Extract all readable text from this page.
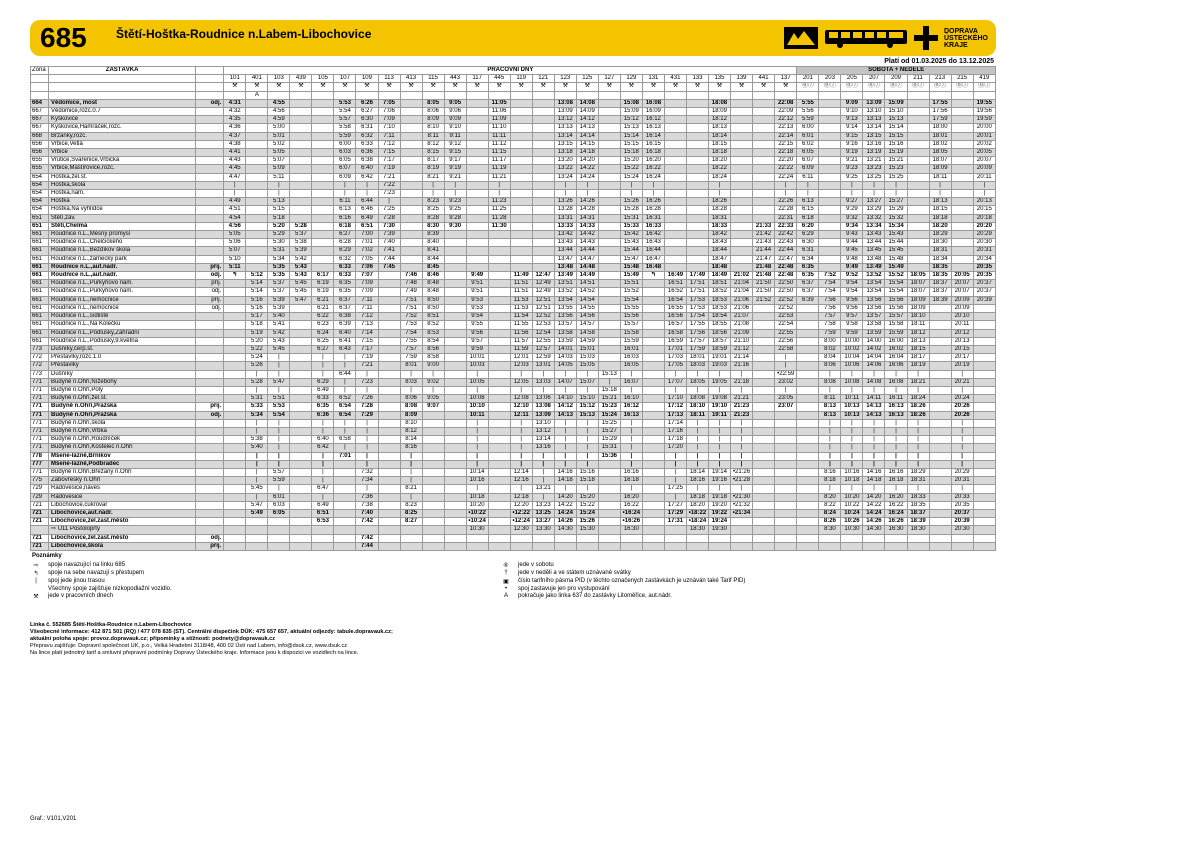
685 Štětí-Hoštka-Roudnice n.Labem-Libochovice	DOPRAVA ÚSTECKÉHO KRAJE
Platí od 01.03.2025 do 13.12.2025
Zóna	ZASTÁVKA		PRACOVNÍ DNY																										SOBOTA + NEDĚLE								
			101	401	103	439	105	107	109	113	413	115	443	117	445	119	121	123	125	127	129	131	431	133	135	139	441	137	201	203	205	207	209	211	213	215	419
			⚒	⚒	⚒	⚒	⚒	⚒	⚒	⚒	⚒	⚒	⚒	⚒	⚒	⚒	⚒	⚒	⚒	⚒	⚒	⚒	⚒	⚒	⚒	⚒	⚒	⚒	⓪⑦	⓪⑦	⓪⑦	⓪⑦	⓪⑦	⓪⑦	⓪⑦	⓪⑦	⓪⑦
				A																																	
664	Vědomice, most	odj.	4:31		4:55			5:53	6:26	7:05		8:05	9:05		11:05			13:08	14:08		15:08	16:08			18:08			22:08	5:55		9:09	13:09	15:09		17:55		19:55
667	Vědomice,rozc.0.7		4:32		4:56			5:54	6:27	7:06		8:06	9:06		11:06			13:09	14:09		15:09	16:09			18:09			22:09	5:56		9:10	13:10	15:10		17:56		19:56
667	Kyškovice		4:35		4:59			5:57	6:30	7:09		8:09	9:09		11:09			13:12	14:12		15:12	16:12			18:12			22:12	5:59		9:13	13:13	15:13		17:59		19:59
667	Kyškovice,Hamráček,rozc.		4:36		5:00			5:58	6:31	7:10		8:10	9:10		11:10			13:13	14:13		15:13	16:13			18:13			22:13	6:00		9:14	13:14	15:14		18:00		20:00
668	Brzánky,rozc.		4:37		5:01			5:59	6:32	7:11		8:11	9:11		11:11			13:14	14:14		15:14	16:14			18:14			22:14	6:01		9:15	13:15	15:15		18:01		20:01
656	Vrbice,Vetlá		4:38		5:02			6:00	6:33	7:12		8:12	9:12		11:12			13:15	14:15		15:15	16:15			18:15			22:15	6:02		9:16	13:16	15:16		18:02		20:02
656	Vrbice		4:41		5:05			6:03	6:36	7:15		8:15	9:15		11:15			13:18	14:18		15:18	16:18			18:18			22:18	6:05		9:19	13:19	15:19		18:05		20:05
655	Vrutice,Svařenice,Vrbická		4:43		5:07			6:05	6:38	7:17		8:17	9:17		11:17			13:20	14:20		15:20	16:20			18:20			22:20	6:07		9:21	13:21	15:21		18:07		20:07
655	Vrbice,Mastířovice,rozc.		4:45		5:09			6:07	6:40	7:19		8:19	9:19		11:19			13:22	14:22		15:22	16:22			18:22			22:22	6:09		9:23	13:23	15:23		18:09		20:09
654	Hoštka,žel.st.		4:47		5:11			6:09	6:42	7:21		8:21	9:21		11:21			13:24	14:24		15:24	16:24			18:24			22:24	6:11		9:25	13:25	15:25		18:11		20:11
654	Hoštka,škola		|		|			|	|	7:22		|	|		|			|	|		|	|			|			|	|		|	|	|		|		|
654	Hoštka,nám.		|		|			|	|	7:23		|	|		|			|	|		|	|			|			|	|		|	|	|		|		|
654	Hoštka		4:49		5:13			6:11	6:44	|		8:23	9:23		11:23			13:26	14:26		15:26	16:26			18:26			22:26	6:13		9:27	13:27	15:27		18:13		20:13
654	Hoštka,Na vyhlídce		4:51		5:15			6:13	6:46	7:25		8:25	9:25		11:25			13:28	14:28		15:28	16:28			18:28			22:28	6:15		9:29	13:29	15:29		18:15		20:15
651	Štětí,záv.		4:54		5:18			6:16	6:49	7:28		8:28	9:28		11:28			13:31	14:31		15:31	16:31			18:31			22:31	6:18		9:32	13:32	15:32		18:18		20:18
651	Štětí,Chelmá		4:56		5:20	5:28		6:18	6:51	7:30		8:30	9:30		11:30			13:33	14:33		15:33	16:33			18:33		21:33	22:33	6:20		9:34	13:34	15:34		18:20		20:20
661	Roudnice n.L.,Mesný průmysl		5:05		5:29	5:37		6:27	7:00	7:39		8:39						13:42	14:42		15:42	16:42			18:42		21:42	22:42	6:29		9:43	13:43	15:43		18:29		20:29
661	Roudnice n.L.,Chelčického		5:06		5:30	5:38		6:28	7:01	7:40		8:40						13:43	14:43		15:43	16:43			18:43		21:43	22:43	6:30		9:44	13:44	15:44		18:30		20:30
661	Roudnice n.L.,Bezdíkov škola		5:07		5:31	5:39		6:29	7:02	7:41		8:41						13:44	14:44		15:44	16:44			18:44		21:44	22:44	6:31		9:45	13:45	15:45		18:31		20:31
661	Roudnice n.L.,zámecký park		5:10		5:34	5:42		6:32	7:05	7:44		8:44						13:47	14:47		15:47	16:47			18:47		21:47	22:47	6:34		9:48	13:48	15:48		18:34		20:34
661	Roudnice n.L.,aut.nádr.	příj.	5:11		5:35	5:43		6:33	7:06	7:45		8:45						13:48	14:48		15:48	16:48			18:48		21:48	22:48	6:35		9:49	13:49	15:49		18:35		20:35
661	Roudnice n.L.,aut.nádr.	odj.	↰	5:12	5:35	5:43	6:17	6:33	7:07		7:46	8:46		9:49		11:49	12:47	13:49	14:49		15:49	↰	16:49	17:49	18:49	21:02	21:48	22:48	6:35	7:52	9:52	13:52	15:52	18:05	18:35	20:05	20:35
661	Roudnice n.L.,Purkyňovo nám.	příj.		5:14	5:37	5:45	6:19	6:35	7:09		7:48	8:48		9:51		11:51	12:49	13:51	14:51		15:51		16:51	17:51	18:51	21:04	21:50	22:50	6:37	7:54	9:54	13:54	15:54	18:07	18:37	20:07	20:37
661	Roudnice n.L.,Purkyňovo nám.	odj.		5:14	5:37	5:45	6:19	6:35	7:09		7:49	8:48		9:51		11:51	12:49	13:52	14:52		15:52		16:52	17:51	18:52	21:04	21:50	22:50	6:37	7:54	9:54	13:54	15:54	18:07	18:37	20:07	20:37
661	Roudnice n.L.,nemocnice	příj.		5:16	5:39	5:47	6:21	6:37	7:11		7:51	8:50		9:53		11:53	12:51	13:54	14:54		15:54		16:54	17:53	18:53	21:06	21:52	22:52	6:39	7:56	9:56	13:56	15:56	18:09	18:39	20:09	20:39
661	Roudnice n.L.,nemocnice	odj.		5:16	5:39		6:21	6:37	7:11		7:51	8:50		9:53		11:53	12:51	13:55	14:55		15:55		16:55	17:53	18:53	21:06		22:52		7:56	9:56	13:56	15:56	18:09		20:09	
661	Roudnice n.L.,sídliště			5:17	5:40		6:22	6:38	7:12		7:52	8:51		9:54		11:54	12:52	13:56	14:56		15:56		16:56	17:54	18:54	21:07		22:53		7:57	9:57	13:57	15:57	18:10		20:10	
661	Roudnice n.L.,Na Kolečku			5:18	5:41		6:23	6:39	7:13		7:53	8:52		9:55		11:55	12:53	13:57	14:57		15:57		16:57	17:55	18:55	21:08		22:54		7:58	9:58	13:58	15:58	18:11		20:11	
661	Roudnice n.L.,Podlusky,Zahradní			5:19	5:42		6:24	6:40	7:14		7:54	8:53		9:56		11:56	12:54	13:58	14:58		15:58		16:58	17:56	18:56	21:09		22:55		7:59	9:59	13:59	15:59	18:12		20:12	
661	Roudnice n.L.,Podlusky,9.května			5:20	5:43		6:25	6:41	7:15		7:55	8:54		9:57		11:57	12:55	13:59	14:59		15:59		16:59	17:57	18:57	21:10		22:56		8:00	10:00	14:00	16:00	18:13		20:13	
773	Dušníky,čerp.st.			5:22	5:45		6:27	6:43	7:17		7:57	8:56		9:59		11:59	12:57	14:01	15:01		16:01		17:01	17:59	18:59	21:12		22:58		8:02	10:02	14:02	16:02	18:15		20:15	
772	Přestavlky,rozc.1.0			5:24	|		|	|	7:19		7:59	8:58		10:01		12:01	12:59	14:03	15:03		16:03		17:03	18:01	19:01	21:14		|		8:04	10:04	14:04	16:04	18:17		20:17	
772	Přestavlky			5:26	|		|	|	7:21		8:01	9:00		10:03		12:03	13:01	14:05	15:05		16:05		17:05	18:03	19:03	21:16		|		8:06	10:06	14:06	16:06	18:19		20:19	
773	Dušníky			|	|		|	6:44	|		|	|		|		|	|	|	|	15:13	|		|	|	|	|		•22:59		|	|	|	|	|		|	
771	Budyně n.Ohří,Nížebohy			5:28	5:47		6:29	|	7:23		8:03	9:02		10:05		12:05	13:03	14:07	15:07	|	16:07		17:07	18:05	19:05	21:18		23:02		8:08	10:08	14:08	16:08	18:21		20:21	
771	Budyně n.Ohří,Poly			|	|		6:49	|	|		|	|		|		|	|	|	|	15:18	|		|	|	|	|		|		|	|	|	|	|		|	
771	Budyně n.Ohří,žel.st.			5:31	5:51		6:33	6:52	7:26		8:06	9:05		10:08		12:08	13:06	14:10	15:10	15:21	16:10		17:10	18:08	19:08	21:21		23:05		8:11	10:11	14:11	16:11	18:24		20:24	
771	Budyně n.Ohří,Pražská	příj.		5:33	5:53		6:35	6:54	7:28		8:08	9:07		10:10		12:10	13:08	14:12	15:12	15:23	16:12		17:12	18:10	19:10	21:23		23:07		8:13	10:13	14:13	16:13	18:26		20:26	
771	Budyně n.Ohří,Pražská	odj.		5:34	5:54		6:36	6:54	7:29		8:09			10:11		12:11	13:09	14:13	15:13	15:24	16:13		17:13	18:11	19:11	21:23				8:13	10:13	14:13	16:13	18:26		20:26	
771	Budyně n.Ohří,škola			|	|		|	|	|		8:10			|		|	13:10	|	|	15:25	|		17:14	|	|	|				|	|	|	|	|		|	
771	Budyně n.Ohří,Vrbka			|	|		|	|	|		8:12			|		|	13:12	|	|	15:27	|		17:16	|	|	|				|	|	|	|	|		|	
771	Budyně n.Ohří,Roudníček			5:38	|		6:40	6:58	|		8:14			|		|	13:14	|	|	15:29	|		17:18	|	|	|				|	|	|	|	|		|	
771	Budyně n.Ohří,Kostelec n.Ohří			5:40	|		6:42	|	|		8:16			|		|	13:16	|	|	15:31	|		17:20	|	|	|				|	|	|	|	|		|	
778	Mšené-lázně,Brníkov			|	|		|	7:01	|		|			|		|	|	|	|	15:36	|		|	|	|	|				|	|	|	|	|		|	
777	Mšené-lázně,Podbradec			|	|		|		|		|			|		|	|	|	|		|		|	|	|	|				|	|	|	|	|		|	
771	Budyně n.Ohří,Břežany n.Ohří			|	5:57		|		7:32		|			10:14		12:14	|	14:16	15:16		16:16		|	18:14	19:14	•21:26				8:16	10:16	14:16	16:16	18:29		20:29	
775	Žabovřesky n.Ohří			|	5:59		|		7:34		|			10:16		12:16	|	14:18	15:18		16:18		|	18:16	19:16	•21:28				8:18	10:18	14:18	16:18	18:31		20:31	
729	Radovesice,náves			5:45	|		6:47		|		8:21			|		|	13:21	|	|		|		17:25	|	|	|				|	|	|	|	|		|	
729	Radovesice			|	6:01		|		7:36		|			10:18		12:18	|	14:20	15:20		16:20		|	18:18	19:18	•21:30				8:20	10:20	14:20	16:20	18:33		20:33	
721	Libochovice,cukrovar			5:47	6:03		6:49		7:38		8:23			10:20		12:20	13:23	14:22	15:22		16:22		17:27	18:20	19:20	•21:32				8:22	10:22	14:22	16:22	18:35		20:35	
721	Libochovice,aut.nádr.			5:49	6:05		6:51		7:40		8:25			•10:22		•12:22	13:25	14:24	15:24		•16:24		17:29	•18:22	19:22	•21:34				8:24	10:24	14:24	16:24	18:37		20:37	
721	Libochovice,žel.zast.město						6:53		7:42		8:27			•10:24		•12:24	13:27	14:26	15:26		•16:26		17:31	•18:24	19:24					8:26	10:26	14:26	16:26	18:39		20:39	
	⇨ U11 Postoloprty													10:30		12:30	13:30	14:30	15:30		16:30			18:30	19:30					8:30	10:30	14:30	16:30	18:30		20:30	
721	Libochovice,žel.zast.město	odj.							7:42																												
721	Libochovice,škola	příj.							7:44																												
Poznámky
⇨	spoje navazující na linku 685	⑥	jede v sobotu
↰	spoje na sebe navazují s přestupem	†	jede v neděli a ve státem uznávané svátky
|	spoj jede jinou trasou	▣	číslo tarifního pásma PID (v těchto označených zastávkách je uznáván také Tarif PID)
Všechny spoje zajišťuje nízkopodlažní vozidlo.	•	spoj zastavuje jen pro vystupování
⚒	jede v pracovních dnech	A	pokračuje jako linka 637 do zastávky Litoměřice, aut.nádr.
Linka č. 552685 Štětí-Hoštka-Roudnice n.Labem-Libochovice
Všeobecné informace: 412 871 501 (RQ) / 477 078 835 (ST). Centrální dispečink DÚK: 475 657 657, aktuální odjezdy: tabule.dopravauk.cz;
aktuální poloha spoje: provoz.dopravauk.cz; připomínky a stížnosti: podnety@dopravauk.cz
Přepravu zajišťuje: Dopravní společnost UK, p.o., Velká Hradební 3118/48, 400 02 Ústí nad Labem, info@dsuk.cz, www.dsuk.cz
Na lince platí jednotný tarif a smluvní přepravní podmínky Dopravy Ústeckého kraje. Informace jsou k dispozici ve vozidlech na lince.
Graf.: V101,V201
